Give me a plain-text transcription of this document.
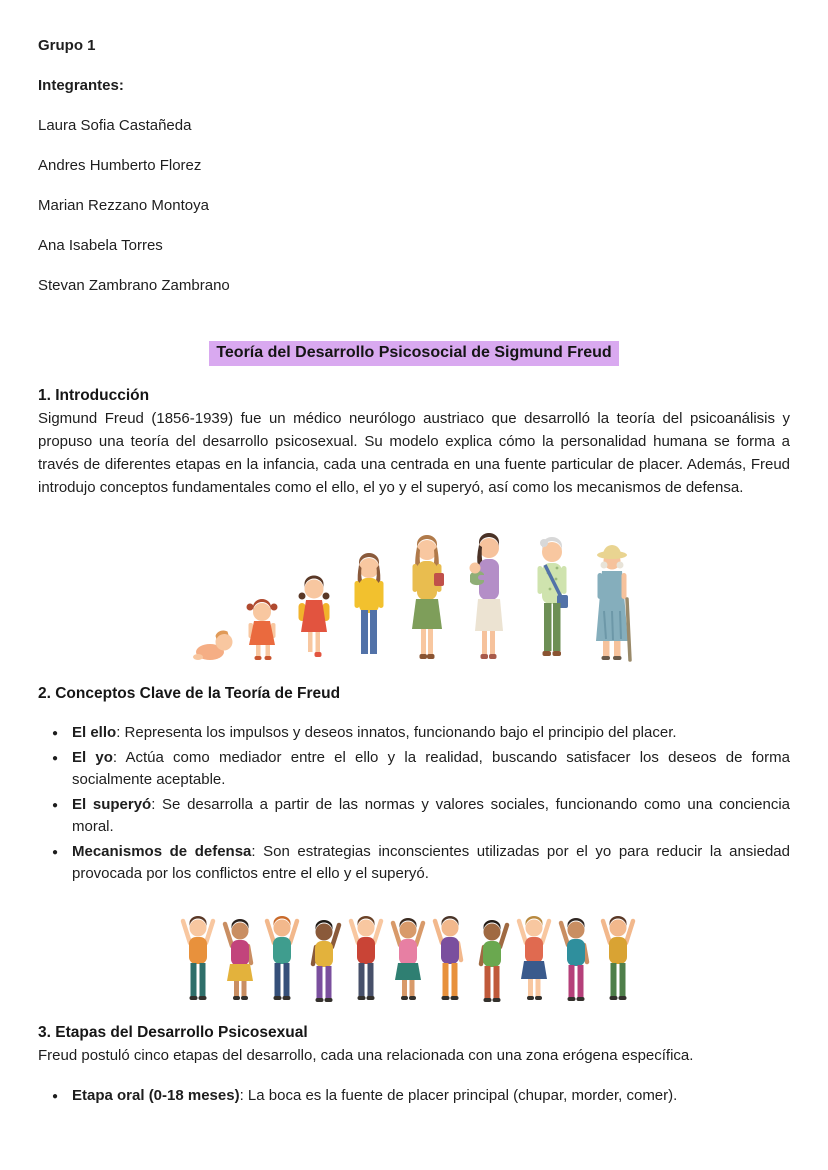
Grupo 1

Integrantes:

Laura Sofia Castañeda

Andres Humberto Florez

Marian Rezzano Montoya

Ana Isabela Torres

Stevan Zambrano Zambrano

Teoría del Desarrollo Psicosocial de Sigmund Freud
1. Introducción

Sigmund Freud (1856-1939) fue un médico neurólogo austriaco que desarrolló la teoría del psicoanálisis y propuso una teoría del desarrollo psicosexual. Su modelo explica cómo la personalidad humana se forma a través de diferentes etapas en la infancia, cada una centrada en una fuente particular de placer. Además, Freud introdujo conceptos fundamentales como el ello, el yo y el superyó, así como los mecanismos de defensa.

2. Conceptos Clave de la Teoría de Freud
● El ello: Representa los impulsos y deseos innatos, funcionando bajo el principio del placer.
● El yo: Actúa como mediador entre el ello y la realidad, buscando satisfacer los deseos de forma socialmente aceptable.
● El superyó: Se desarrolla a partir de las normas y valores sociales, funcionando como una conciencia moral.
● Mecanismos de defensa: Son estrategias inconscientes utilizadas por el yo para reducir la ansiedad provocada por los conflictos entre el ello y el superyó.
3. Etapas del Desarrollo Psicosexual

Freud postuló cinco etapas del desarrollo, cada una relacionada con una zona erógena específica.

● Etapa oral (0-18 meses): La boca es la fuente de placer principal (chupar, morder, comer).
